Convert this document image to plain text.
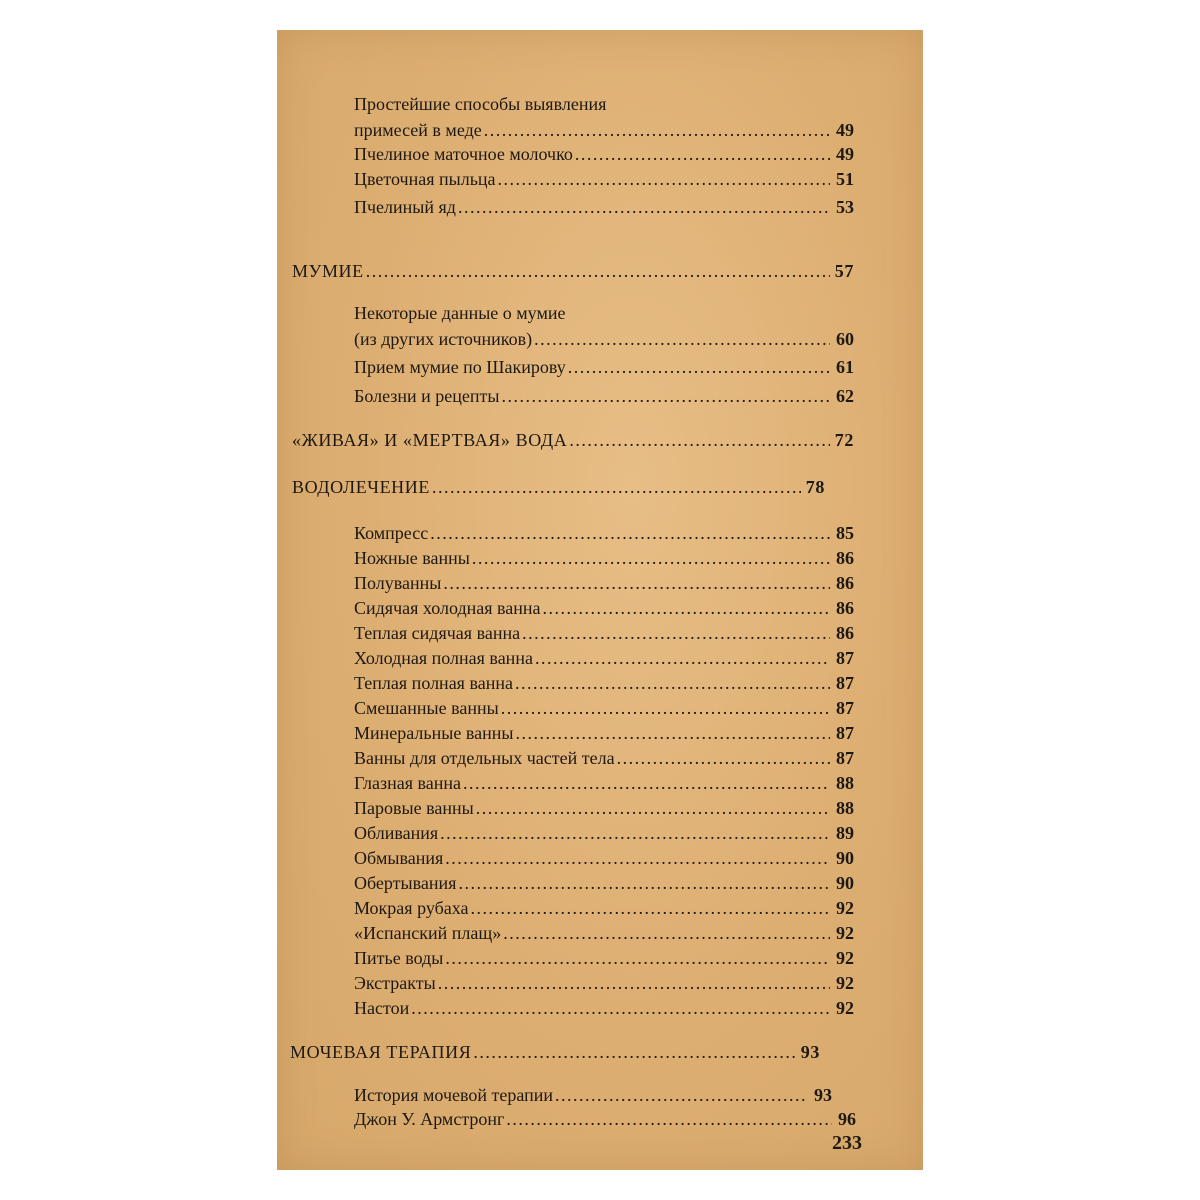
Простейшие способы выявления
примесей в меде .....	49
Пчелиное маточное молочко .....	49
Цветочная пыльца .....	51
Пчелиный яд .....	53
МУМИЕ .....	57
Некоторые данные о мумие
(из других источников) .....	60
Прием мумие по Шакирову .....	61
Болезни и рецепты .....	62
«ЖИВАЯ» И «МЕРТВАЯ» ВОДА .....	72
ВОДОЛЕЧЕНИЕ .....	78
Компресс .....	85
Ножные ванны .....	86
Полуванны .....	86
Сидячая холодная ванна .....	86
Теплая сидячая ванна .....	86
Холодная полная ванна .....	87
Теплая полная ванна .....	87
Смешанные ванны .....	87
Минеральные ванны .....	87
Ванны для отдельных частей тела .....	87
Глазная ванна .....	88
Паровые ванны .....	88
Обливания .....	89
Обмывания .....	90
Обертывания .....	90
Мокрая рубаха .....	92
«Испанский плащ» .....	92
Питье воды .....	92
Экстракты .....	92
Настои .....	92
МОЧЕВАЯ ТЕРАПИЯ .....	93
История мочевой терапии .....	93
Джон У. Армстронг .....	96
233
